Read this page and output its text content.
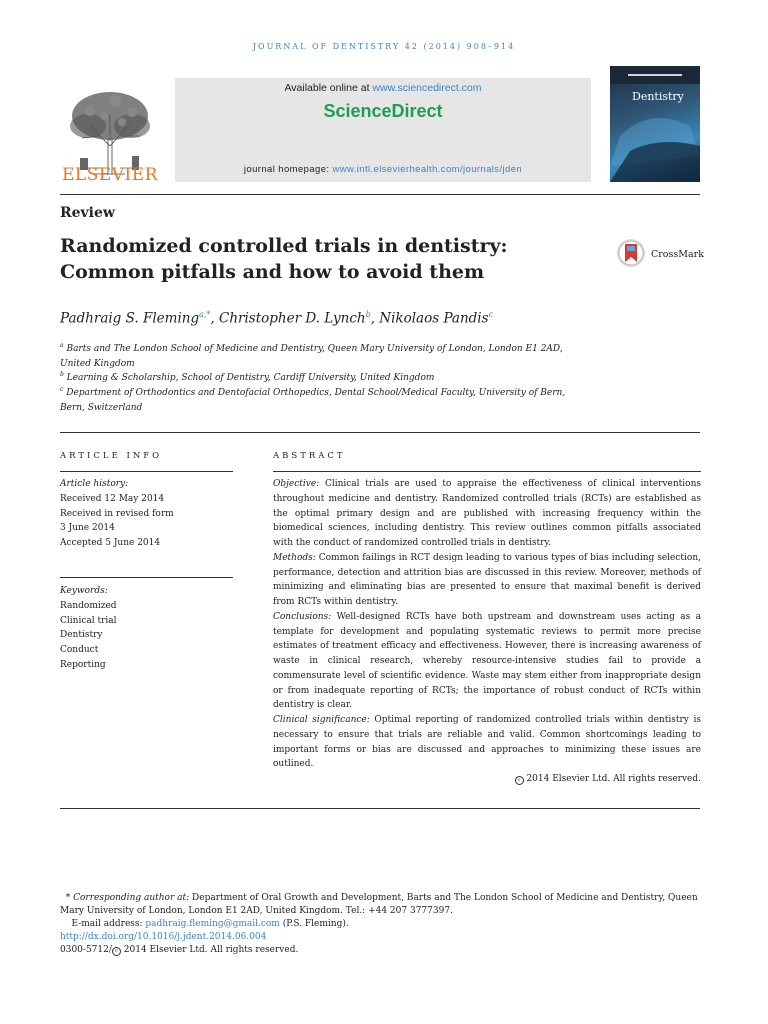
JOURNAL OF DENTISTRY 42 (2014) 908–914
ELSEVIER
Available online at www.sciencedirect.com
ScienceDirect
journal homepage: www.intl.elsevierhealth.com/journals/jden
Dentistry
Review
Randomized controlled trials in dentistry: Common pitfalls and how to avoid them
CrossMark
Padhraig S. Fleming$^{a,*}$, Christopher D. Lynch$^b$, Nikolaos Pandis$^c$
$^a$ Barts and The London School of Medicine and Dentistry, Queen Mary University of London, London E1 2AD,
United Kingdom
$^b$ Learning & Scholarship, School of Dentistry, Cardiff University, United Kingdom
$^c$ Department of Orthodontics and Dentofacial Orthopedics, Dental School/Medical Faculty, University of Bern,
Bern, Switzerland
ARTICLE INFO
Article history:
Received 12 May 2014
Received in revised form
3 June 2014
Accepted 5 June 2014
Keywords:
Randomized
Clinical trial
Dentistry
Conduct
Reporting
ABSTRACT

Objective: Clinical trials are used to appraise the effectiveness of clinical interventions throughout medicine and dentistry. Randomized controlled trials (RCTs) are established as the optimal primary design and are published with increasing frequency within the biomedical sciences, including dentistry. This review outlines common pitfalls associated with the conduct of randomized controlled trials in dentistry.

Methods: Common failings in RCT design leading to various types of bias including selection, performance, detection and attrition bias are discussed in this review. Moreover, methods of minimizing and eliminating bias are presented to ensure that maximal benefit is derived from RCTs within dentistry.

Conclusions: Well-designed RCTs have both upstream and downstream uses acting as a template for development and populating systematic reviews to permit more precise estimates of treatment efficacy and effectiveness. However, there is increasing awareness of waste in clinical research, whereby resource-intensive studies fail to provide a commensurate level of scientific evidence. Waste may stem either from inappropriate design or from inadequate reporting of RCTs; the importance of robust conduct of RCTs within dentistry is clear.

Clinical significance: Optimal reporting of randomized controlled trials within dentistry is necessary to ensure that trials are reliable and valid. Common shortcomings leading to important forms or bias are discussed and approaches to minimizing these issues are outlined.

c 2014 Elsevier Ltd. All rights reserved.
* Corresponding author at: Department of Oral Growth and Development, Barts and The London School of Medicine and Dentistry, Queen Mary University of London, London E1 2AD, United Kingdom. Tel.: +44 207 3777397.
E-mail address: padhraig.fleming@gmail.com (P.S. Fleming).
http://dx.doi.org/10.1016/j.jdent.2014.06.004
0300-5712/ c 2014 Elsevier Ltd. All rights reserved.
